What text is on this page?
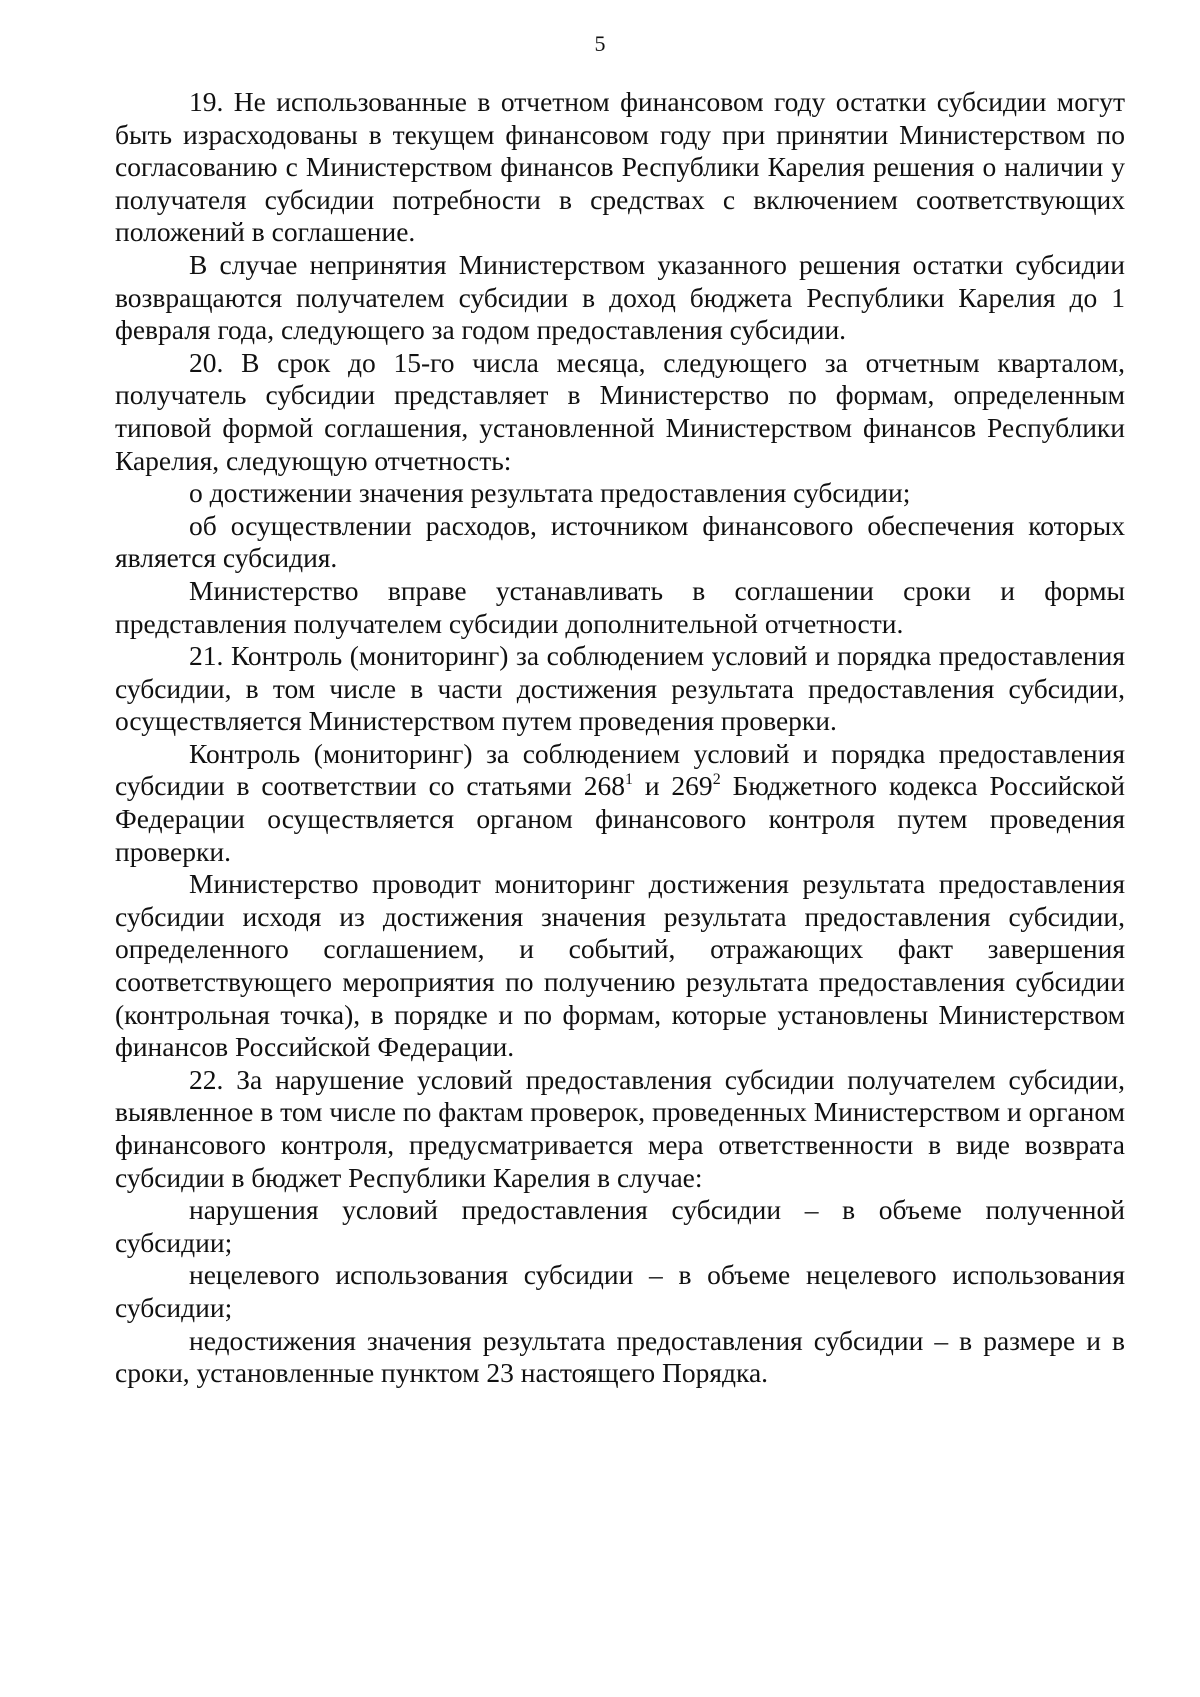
5

19. Не использованные в отчетном финансовом году остатки субсидии могут быть израсходованы в текущем финансовом году при принятии Министерством по согласованию с Министерством финансов Республики Карелия решения о наличии у получателя субсидии потребности в средствах с включением соответствующих положений в соглашение.

В случае непринятия Министерством указанного решения остатки субсидии возвращаются получателем субсидии в доход бюджета Республики Карелия до 1 февраля года, следующего за годом предоставления субсидии.

20. В срок до 15-го числа месяца, следующего за отчетным кварталом, получатель субсидии представляет в Министерство по формам, определенным типовой формой соглашения, установленной Министерством финансов Республики Карелия, следующую отчетность:

о достижении значения результата предоставления субсидии;

об осуществлении расходов, источником финансового обеспечения которых является субсидия.

Министерство вправе устанавливать в соглашении сроки и формы представления получателем субсидии дополнительной отчетности.

21. Контроль (мониторинг) за соблюдением условий и порядка предоставления субсидии, в том числе в части достижения результата предоставления субсидии, осуществляется Министерством путем проведения проверки.

Контроль (мониторинг) за соблюдением условий и порядка предоставления субсидии в соответствии со статьями $268^1$ и $269^2$ Бюджетного кодекса Российской Федерации осуществляется органом финансового контроля путем проведения проверки.

Министерство проводит мониторинг достижения результата предоставления субсидии исходя из достижения значения результата предоставления субсидии, определенного соглашением, и событий, отражающих факт завершения соответствующего мероприятия по получению результата предоставления субсидии (контрольная точка), в порядке и по формам, которые установлены Министерством финансов Российской Федерации.

22. За нарушение условий предоставления субсидии получателем субсидии, выявленное в том числе по фактам проверок, проведенных Министерством и органом финансового контроля, предусматривается мера ответственности в виде возврата субсидии в бюджет Республики Карелия в случае:

нарушения условий предоставления субсидии – в объеме полученной субсидии;

нецелевого использования субсидии – в объеме нецелевого использования субсидии;

недостижения значения результата предоставления субсидии – в размере и в сроки, установленные пунктом 23 настоящего Порядка.
